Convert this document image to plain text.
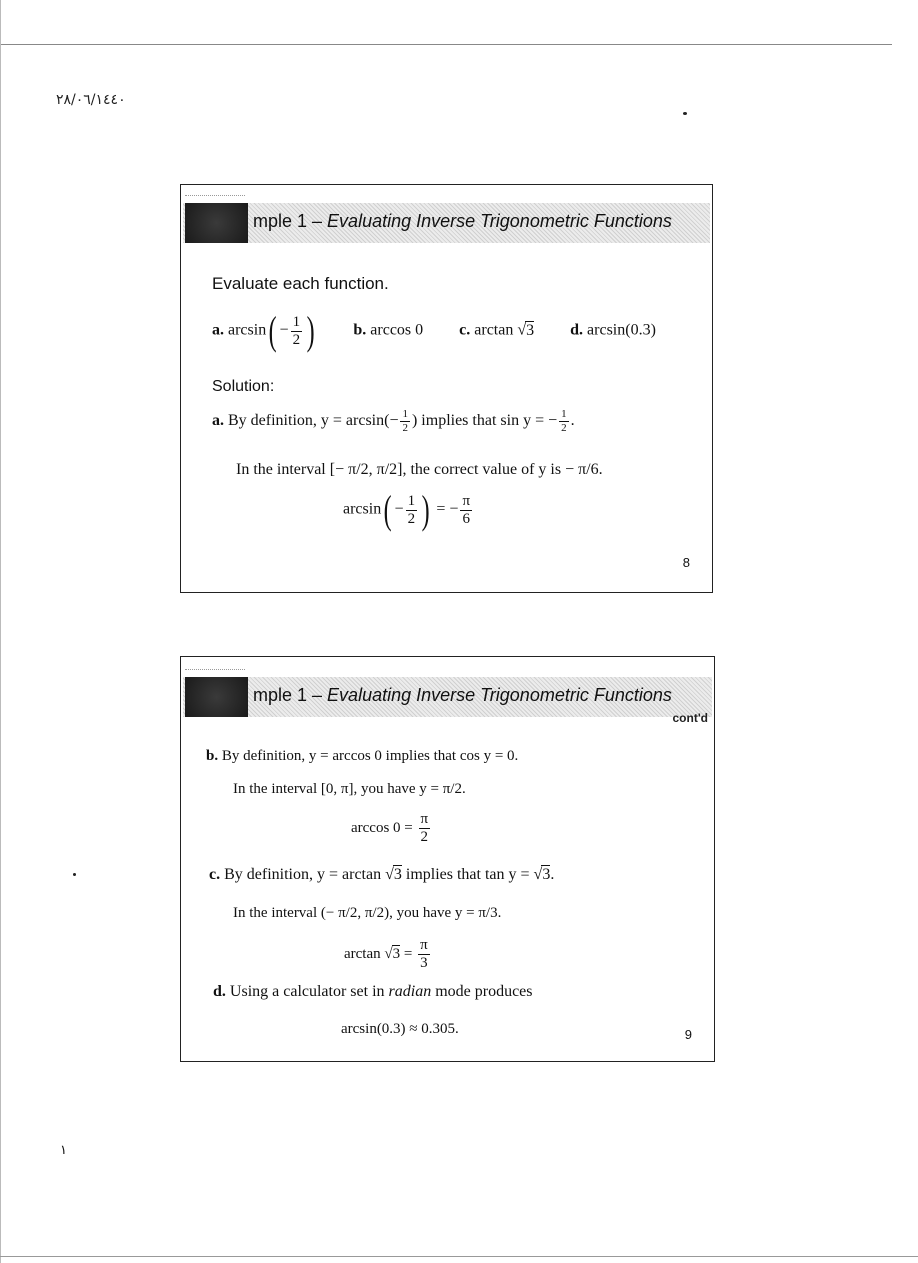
٢٨/٠٦/١٤٤٠
١
mple 1 – Evaluating Inverse Trigonometric Functions
Evaluate each function.
a. $\arcsin( - \frac{1}{2}$ ) b. arccos 0 c. arctan √3 d. arcsin(0.3)
Solution:
a. By definition, $y = \arcsin(- \frac{1}{2}$ ) implies that sin y = − $\frac{1}{2}$ .
In the interval [− π/2, π/2], the correct value of y is − π/6.
$\arcsin( - \frac{1}{2}$ ) = − $\frac{\pi}{6}$
8
mple 1 – Evaluating Inverse Trigonometric Functions
cont'd
b. By definition, y = arccos 0 implies that cos y = 0.
In the interval [0, π], you have y = π/2.
$\arccos 0 = \frac{\pi}{2}$
c. By definition, y = arctan √3 implies that tan y = √3.
In the interval (− π/2, π/2), you have y = π/3.
$\arctan √3 = \frac{\pi}{3}$
d. Using a calculator set in radian mode produces
arcsin(0.3) ≈ 0.305.	9
